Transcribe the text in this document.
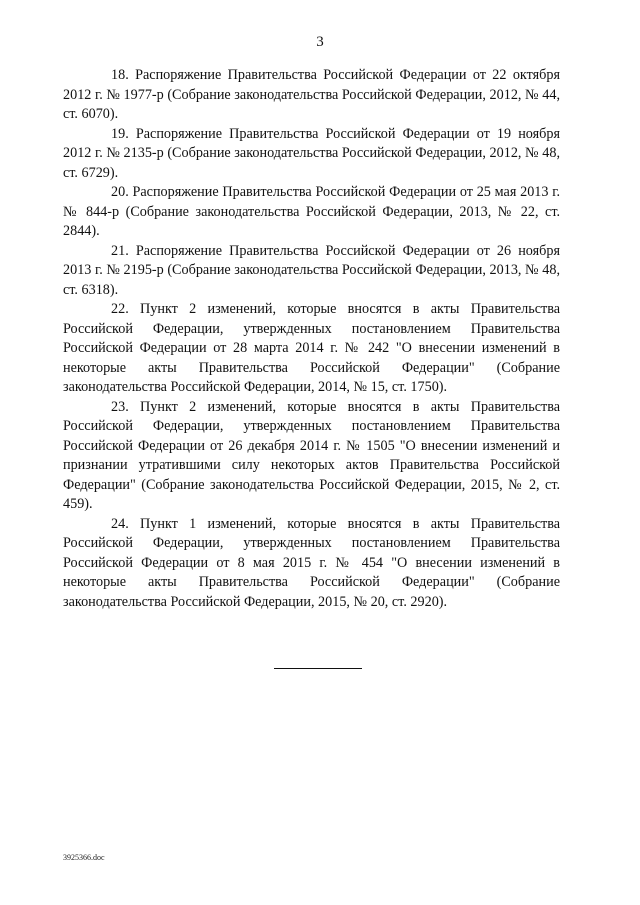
3

18. Распоряжение Правительства Российской Федерации от 22 октября 2012 г. № 1977-р (Собрание законодательства Российской Федерации, 2012, № 44, ст. 6070).

19. Распоряжение Правительства Российской Федерации от 19 ноября 2012 г. № 2135-р (Собрание законодательства Российской Федерации, 2012, № 48, ст. 6729).

20. Распоряжение Правительства Российской Федерации от 25 мая 2013 г. № 844-р (Собрание законодательства Российской Федерации, 2013, № 22, ст. 2844).

21. Распоряжение Правительства Российской Федерации от 26 ноября 2013 г. № 2195-р (Собрание законодательства Российской Федерации, 2013, № 48, ст. 6318).

22. Пункт 2 изменений, которые вносятся в акты Правительства Российской Федерации, утвержденных постановлением Правительства Российской Федерации от 28 марта 2014 г. № 242 "О внесении изменений в некоторые акты Правительства Российской Федерации" (Собрание законодательства Российской Федерации, 2014, № 15, ст. 1750).

23. Пункт 2 изменений, которые вносятся в акты Правительства Российской Федерации, утвержденных постановлением Правительства Российской Федерации от 26 декабря 2014 г. № 1505 "О внесении изменений и признании утратившими силу некоторых актов Правительства Российской Федерации" (Собрание законодательства Российской Федерации, 2015, № 2, ст. 459).

24. Пункт 1 изменений, которые вносятся в акты Правительства Российской Федерации, утвержденных постановлением Правительства Российской Федерации от 8 мая 2015 г. № 454 "О внесении изменений в некоторые акты Правительства Российской Федерации" (Собрание законодательства Российской Федерации, 2015, № 20, ст. 2920).

3925366.doc
